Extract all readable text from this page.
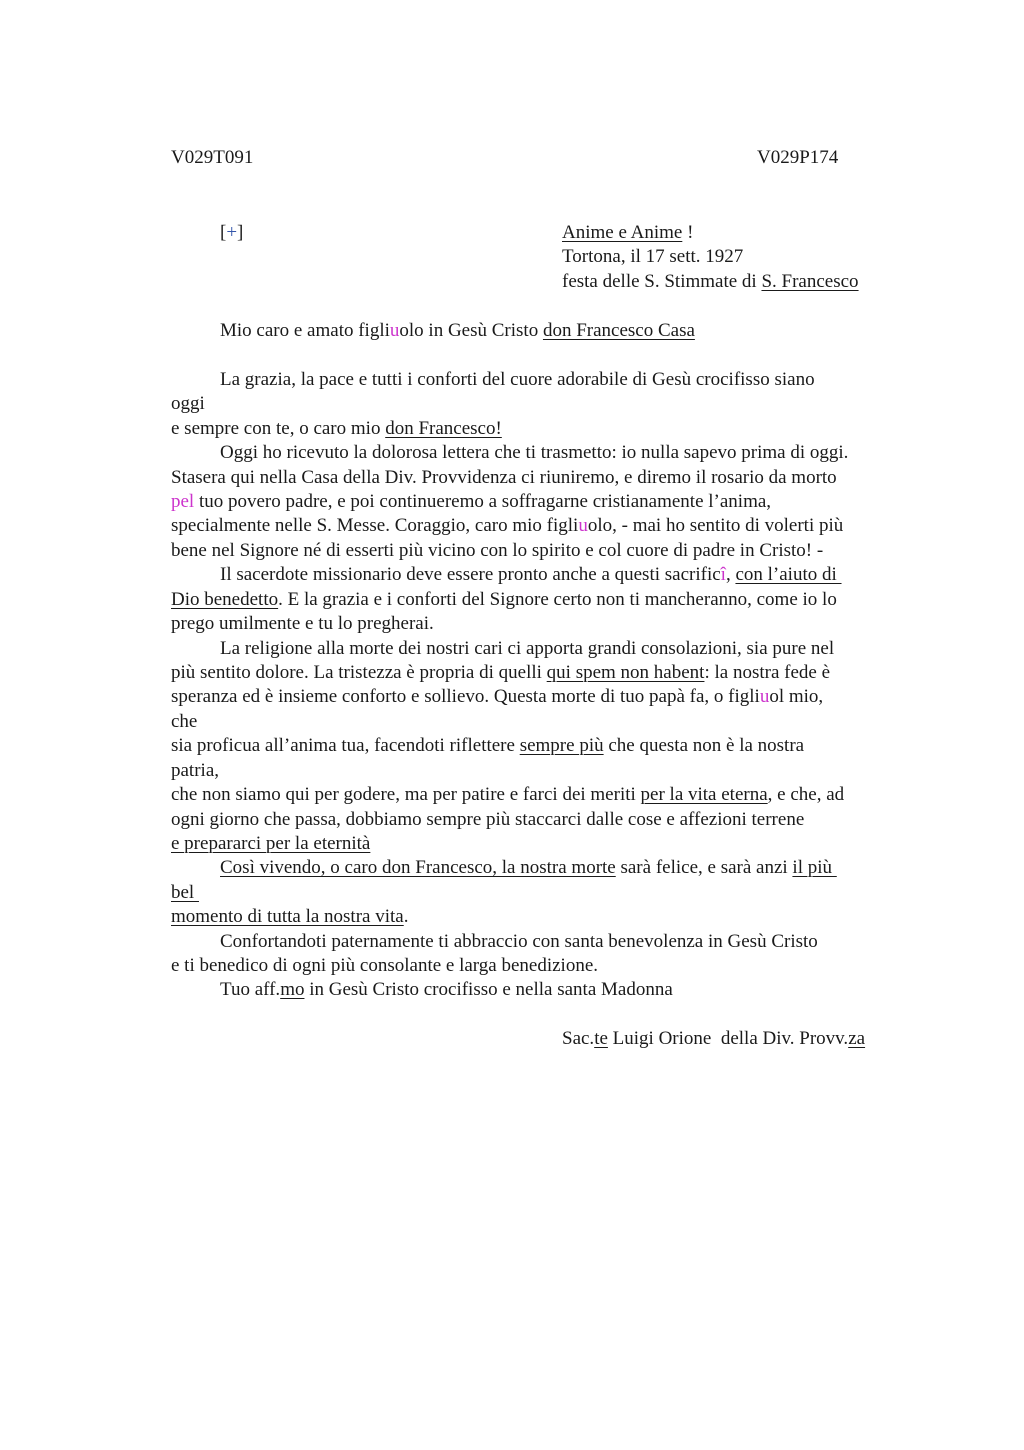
V029T091	V029P174
[+]	Anime e Anime !
Tortona, il 17 sett. 1927
festa delle S. Stimmate di S. Francesco
Mio caro e amato figliuolo in Gesù Cristo don Francesco Casa
La grazia, la pace e tutti i conforti del cuore adorabile di Gesù crocifisso siano
oggi
e sempre con te, o caro mio don Francesco!
Oggi ho ricevuto la dolorosa lettera che ti trasmetto: io nulla sapevo prima di oggi.
Stasera qui nella Casa della Div. Provvidenza ci riuniremo, e diremo il rosario da morto
pel tuo povero padre, e poi continueremo a soffragarne cristianamente l’anima,
specialmente nelle S. Messe. Coraggio, caro mio figliuolo, - mai ho sentito di volerti più
bene nel Signore né di esserti più vicino con lo spirito e col cuore di padre in Cristo! -
Il sacerdote missionario deve essere pronto anche a questi sacrificî, con l’aiuto di
Dio benedetto. E la grazia e i conforti del Signore certo non ti mancheranno, come io lo
prego umilmente e tu lo pregherai.
La religione alla morte dei nostri cari ci apporta grandi consolazioni, sia pure nel
più sentito dolore. La tristezza è propria di quelli qui spem non habent: la nostra fede è
speranza ed è insieme conforto e sollievo. Questa morte di tuo papà fa, o figliuol mio,
che
sia proficua all’anima tua, facendoti riflettere sempre più che questa non è la nostra
patria,
che non siamo qui per godere, ma per patire e farci dei meriti per la vita eterna, e che, ad
ogni giorno che passa, dobbiamo sempre più staccarci dalle cose e affezioni terrene
e prepararci per la eternità
Così vivendo, o caro don Francesco, la nostra morte sarà felice, e sarà anzi il più
bel
momento di tutta la nostra vita.
Confortandoti paternamente ti abbraccio con santa benevolenza in Gesù Cristo
e ti benedico di ogni più consolante e larga benedizione.
Tuo aff.mo in Gesù Cristo crocifisso e nella santa Madonna
Sac.te Luigi Orione  della Div. Provv.za
